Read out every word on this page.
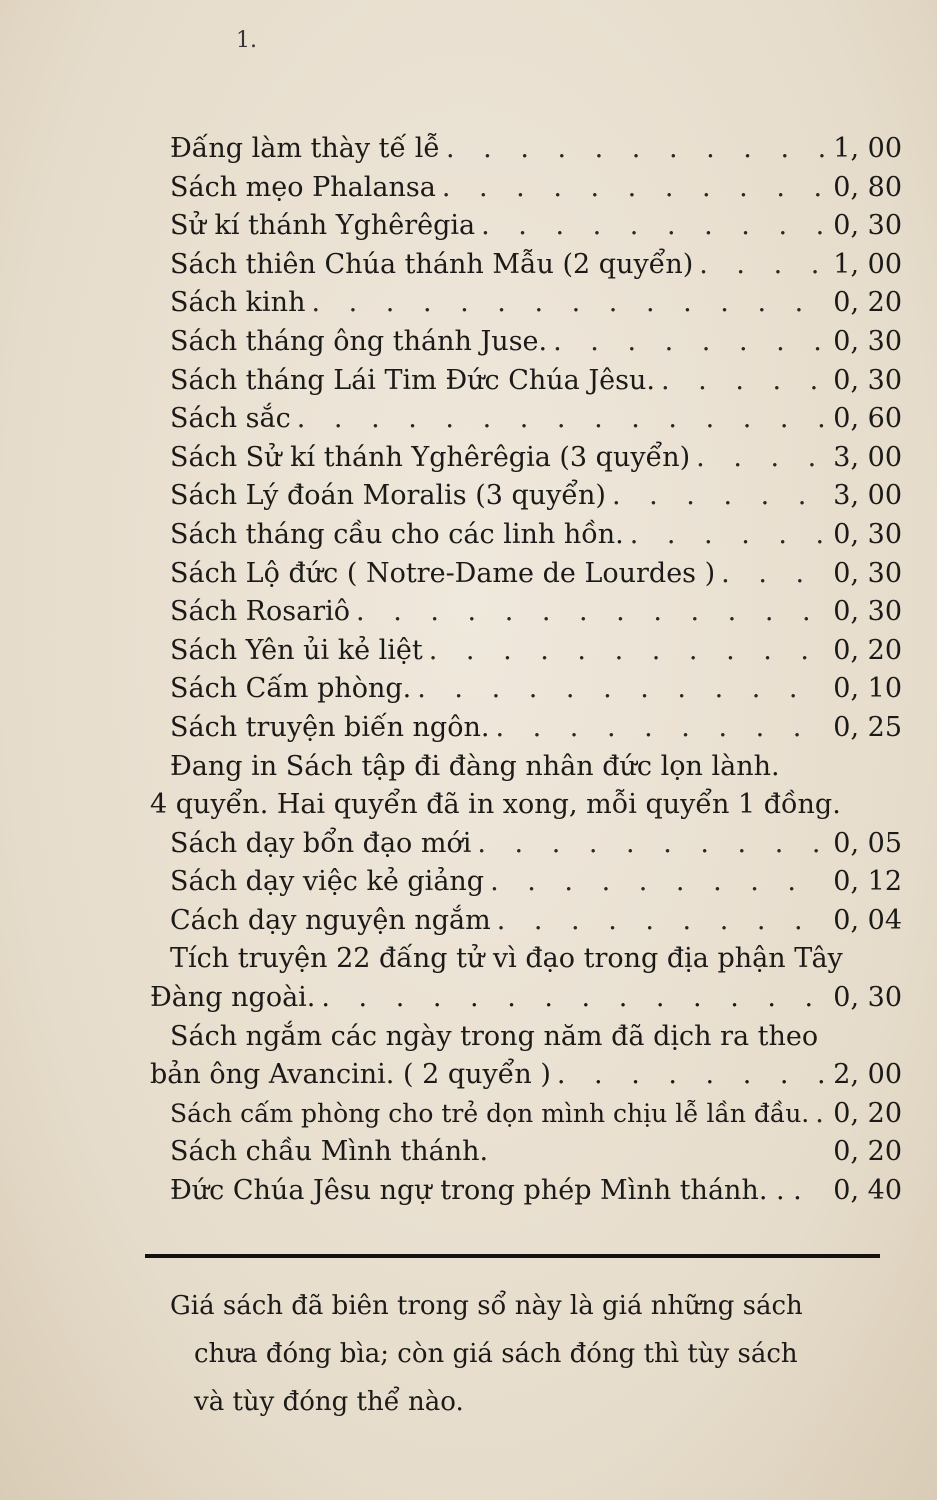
1.
Đấng làm thày tế lễ . . .	1, 00
Sách mẹo Phalansa . . .	0, 80
Sử kí thánh Yghêrêgia . . .	0, 30
Sách thiên Chúa thánh Mẫu (2 quyển) . . .	1, 00
Sách kinh . . .	0, 20
Sách tháng ông thánh Juse. . . .	0, 30
Sách tháng Lái Tim Đức Chúa Jêsu. . . .	0, 30
Sách sắc . . .	0, 60
Sách Sử kí thánh Yghêrêgia (3 quyển) . . .	3, 00
Sách Lý đoán Moralis (3 quyển) . . .	3, 00
Sách tháng cầu cho các linh hồn. . . .	0, 30
Sách Lộ đức ( Notre-Dame de Lourdes ) . . .	0, 30
Sách Rosariô . . .	0, 30
Sách Yên ủi kẻ liệt . . .	0, 20
Sách Cấm phòng. . . .	0, 10
Sách truyện biến ngôn. . . .	0, 25
Đang in Sách tập đi đàng nhân đức lọn lành.
4 quyển. Hai quyển đã in xong, mỗi quyển 1 đồng.
Sách dạy bổn đạo mới . . .	0, 05
Sách dạy việc kẻ giảng . . .	0, 12
Cách dạy nguyện ngắm . . .	0, 04
Tích truyện 22 đấng tử vì đạo trong địa phận Tây
Đàng ngoài. . . .	0, 30
Sách ngắm các ngày trong năm đã dịch ra theo
bản ông Avancini. ( 2 quyển ) . . .	2, 00
Sách cấm phòng cho trẻ dọn mình chịu lễ lần đầu. . . . 0, 20
Sách chầu Mình thánh.	0, 20
Đức Chúa Jêsu ngự trong phép Mình thánh. . . 0, 40
Giá sách đã biên trong sổ này là giá những sách
chưa đóng bìa; còn giá sách đóng thì tùy sách
và tùy đóng thể nào.
